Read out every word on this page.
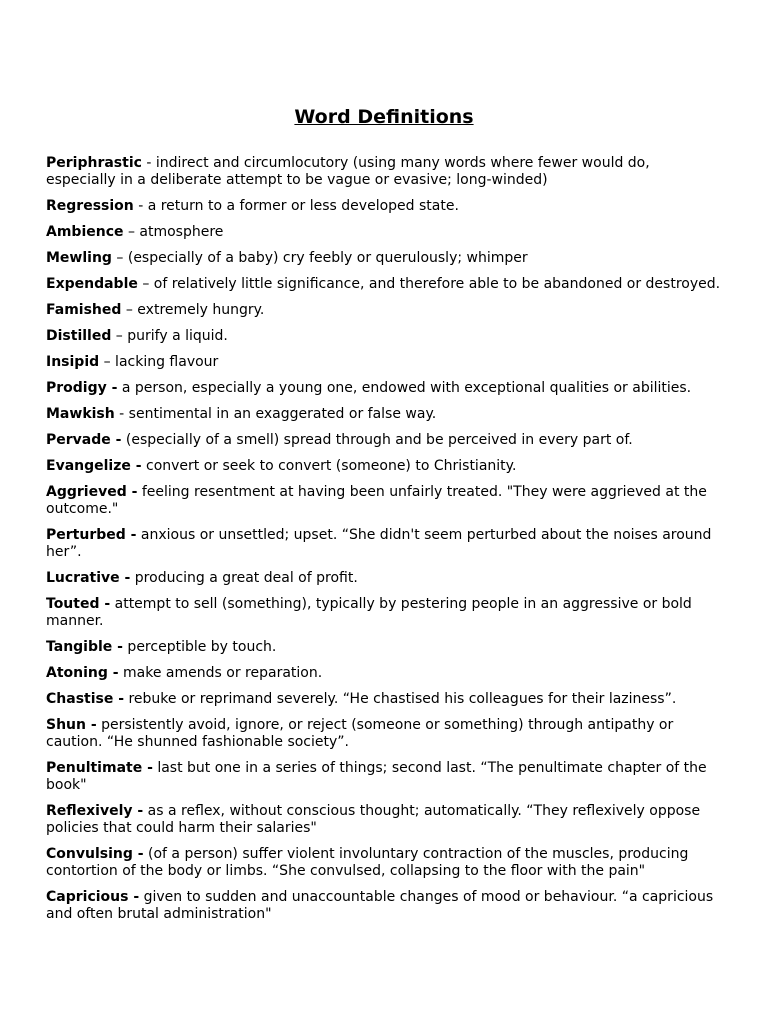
Word Definitions
Periphrastic - indirect and circumlocutory (using many words where fewer would do, especially in a deliberate attempt to be vague or evasive; long-winded)
Regression - a return to a former or less developed state.
Ambience – atmosphere
Mewling – (especially of a baby) cry feebly or querulously; whimper
Expendable – of relatively little significance, and therefore able to be abandoned or destroyed.
Famished – extremely hungry.
Distilled – purify a liquid.
Insipid – lacking flavour
Prodigy - a person, especially a young one, endowed with exceptional qualities or abilities.
Mawkish - sentimental in an exaggerated or false way.
Pervade - (especially of a smell) spread through and be perceived in every part of.
Evangelize - convert or seek to convert (someone) to Christianity.
Aggrieved - feeling resentment at having been unfairly treated. "They were aggrieved at the outcome."
Perturbed - anxious or unsettled; upset. “She didn't seem perturbed about the noises around her”.
Lucrative - producing a great deal of profit.
Touted - attempt to sell (something), typically by pestering people in an aggressive or bold manner.
Tangible - perceptible by touch.
Atoning - make amends or reparation.
Chastise - rebuke or reprimand severely. “He chastised his colleagues for their laziness”.
Shun - persistently avoid, ignore, or reject (someone or something) through antipathy or caution. “He shunned fashionable society”.
Penultimate - last but one in a series of things; second last. “The penultimate chapter of the book"
Reflexively - as a reflex, without conscious thought; automatically. “They reflexively oppose policies that could harm their salaries"
Convulsing - (of a person) suffer violent involuntary contraction of the muscles, producing contortion of the body or limbs. “She convulsed, collapsing to the floor with the pain"
Capricious - given to sudden and unaccountable changes of mood or behaviour. “a capricious and often brutal administration"
